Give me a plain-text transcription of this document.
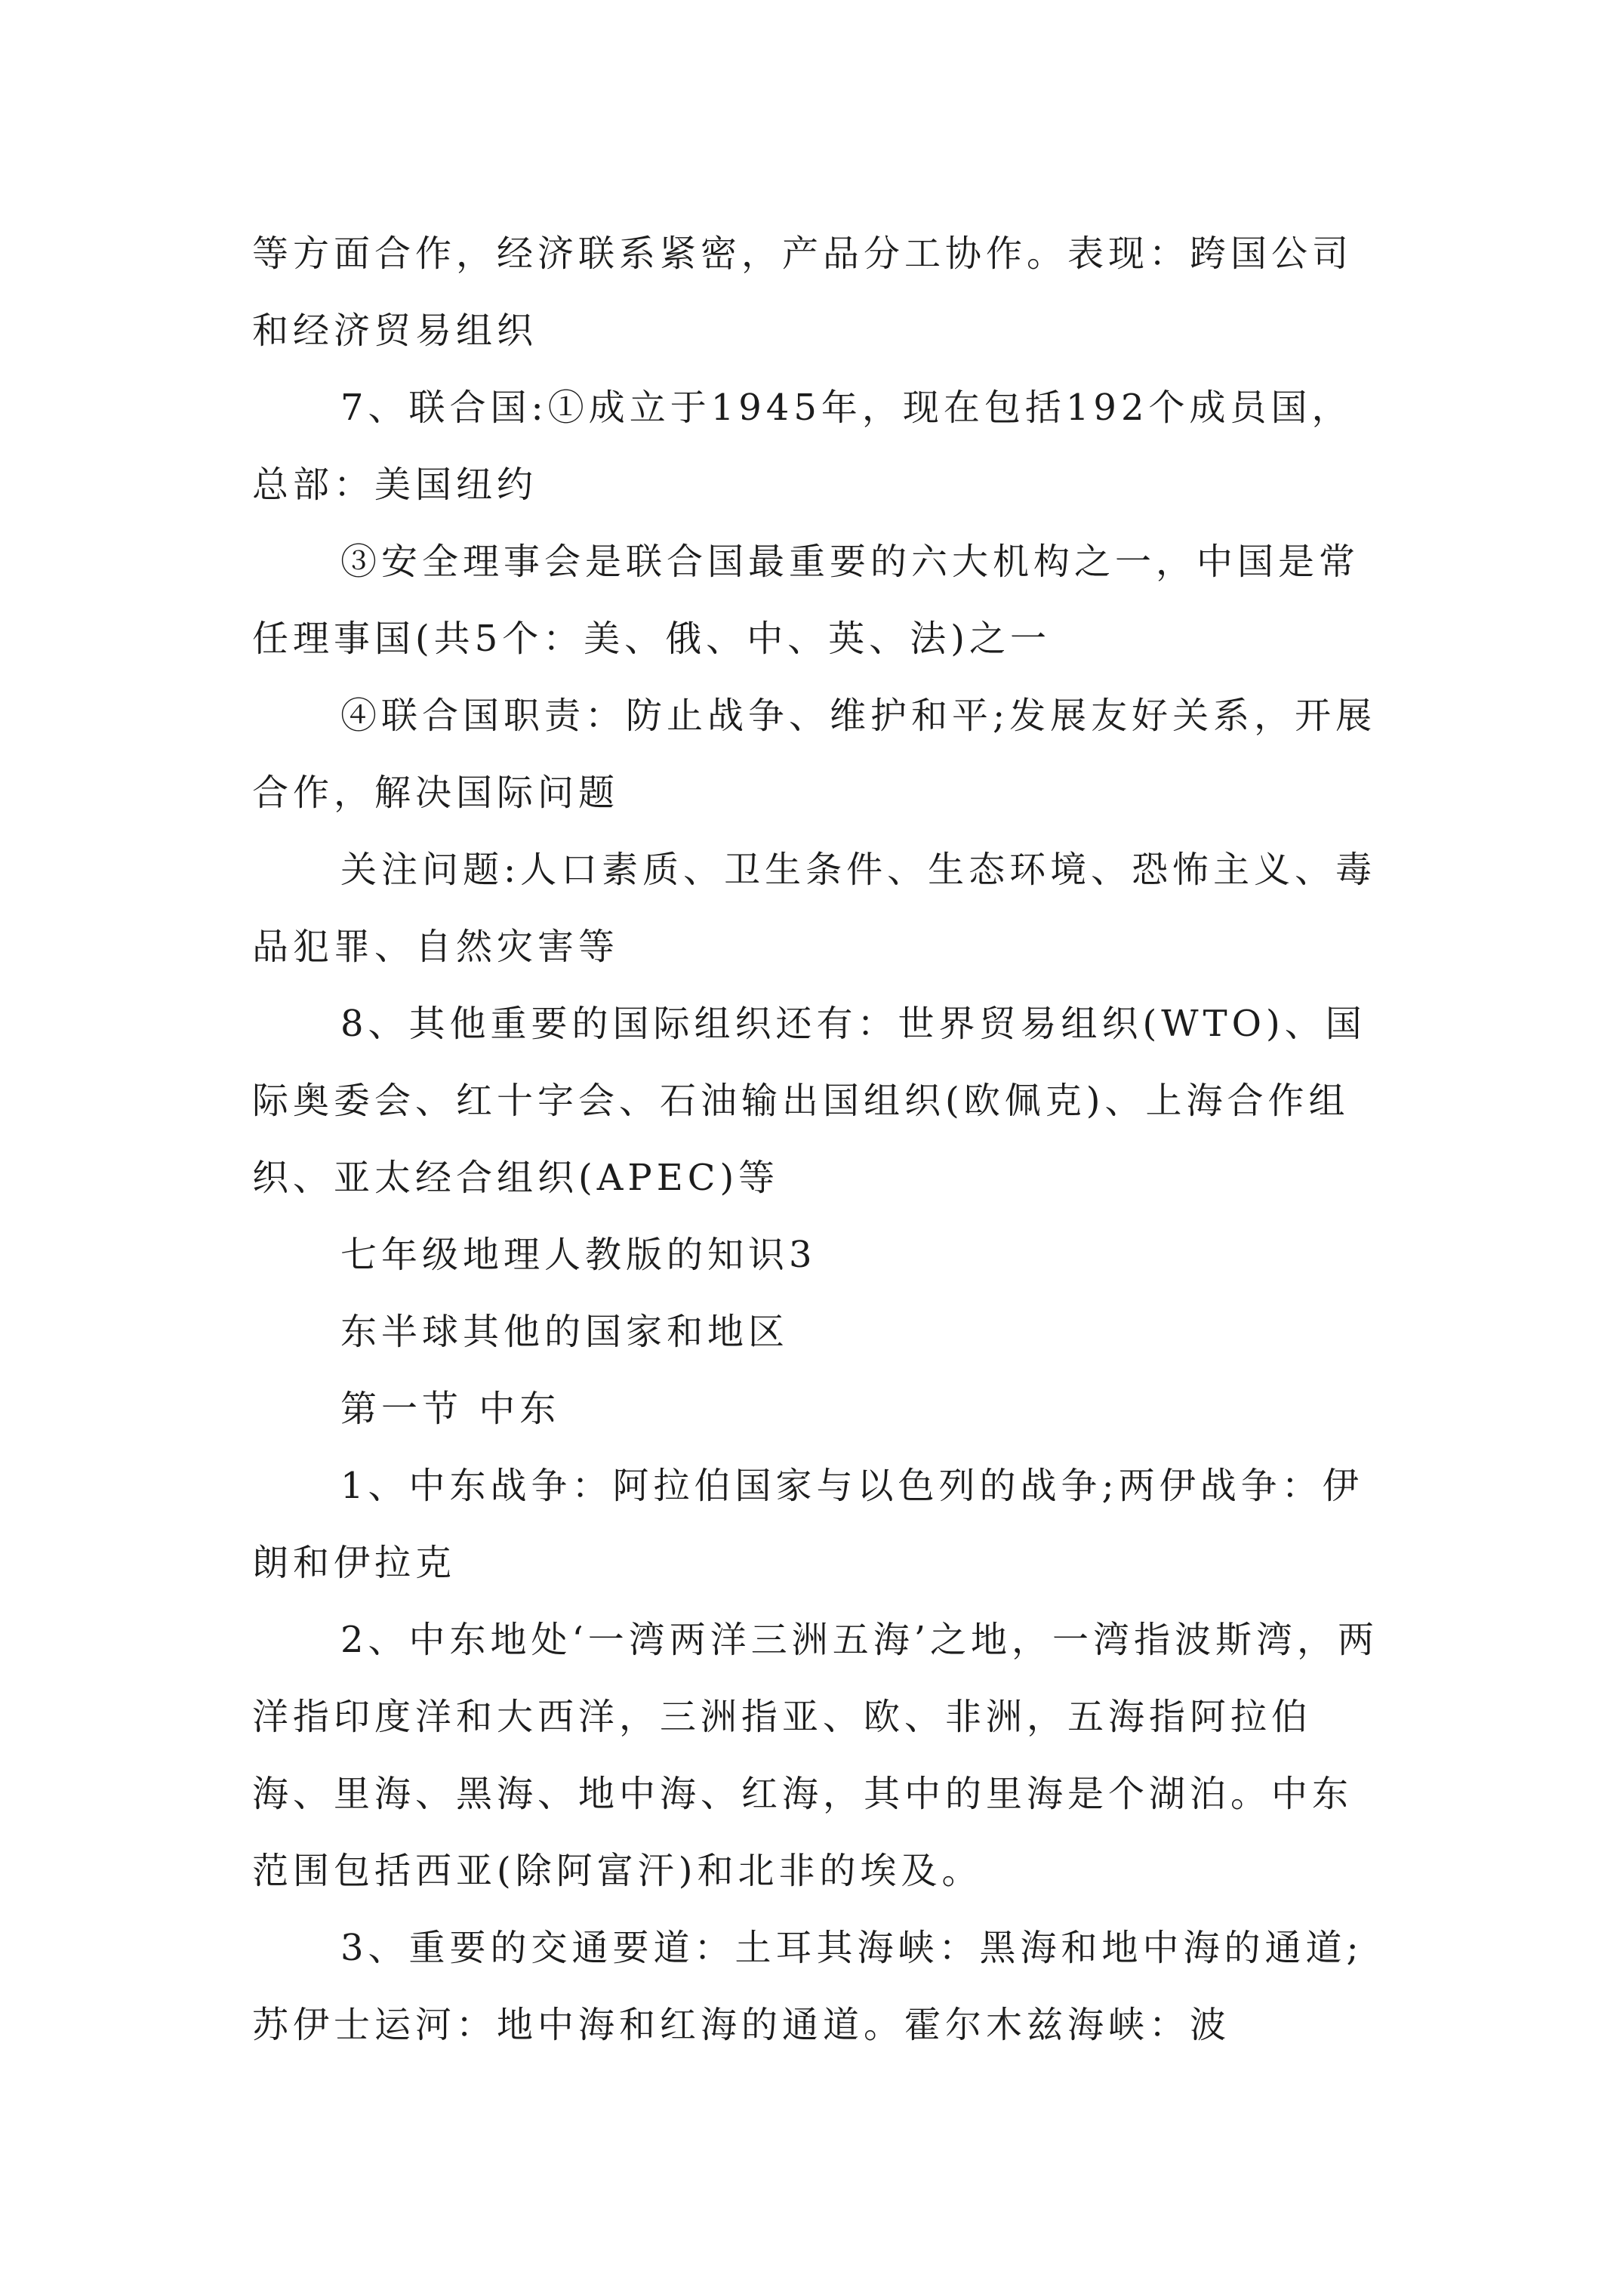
等方面合作，经济联系紧密，产品分工协作。表现：跨国公司和经济贸易组织

7、联合国:①成立于1945年，现在包括192个成员国，总部：美国纽约

③安全理事会是联合国最重要的六大机构之一，中国是常任理事国(共5个：美、俄、中、英、法)之一

④联合国职责：防止战争、维护和平;发展友好关系，开展合作，解决国际问题

关注问题:人口素质、卫生条件、生态环境、恐怖主义、毒品犯罪、自然灾害等

8、其他重要的国际组织还有：世界贸易组织(WTO)、国际奥委会、红十字会、石油输出国组织(欧佩克)、上海合作组织、亚太经合组织(APEC)等

七年级地理人教版的知识3

东半球其他的国家和地区

第一节 中东

1、中东战争：阿拉伯国家与以色列的战争;两伊战争：伊朗和伊拉克

2、中东地处‘一湾两洋三洲五海’之地，一湾指波斯湾，两洋指印度洋和大西洋，三洲指亚、欧、非洲，五海指阿拉伯海、里海、黑海、地中海、红海，其中的里海是个湖泊。中东范围包括西亚(除阿富汗)和北非的埃及。

3、重要的交通要道：土耳其海峡：黑海和地中海的通道;苏伊士运河：地中海和红海的通道。霍尔木兹海峡：波
